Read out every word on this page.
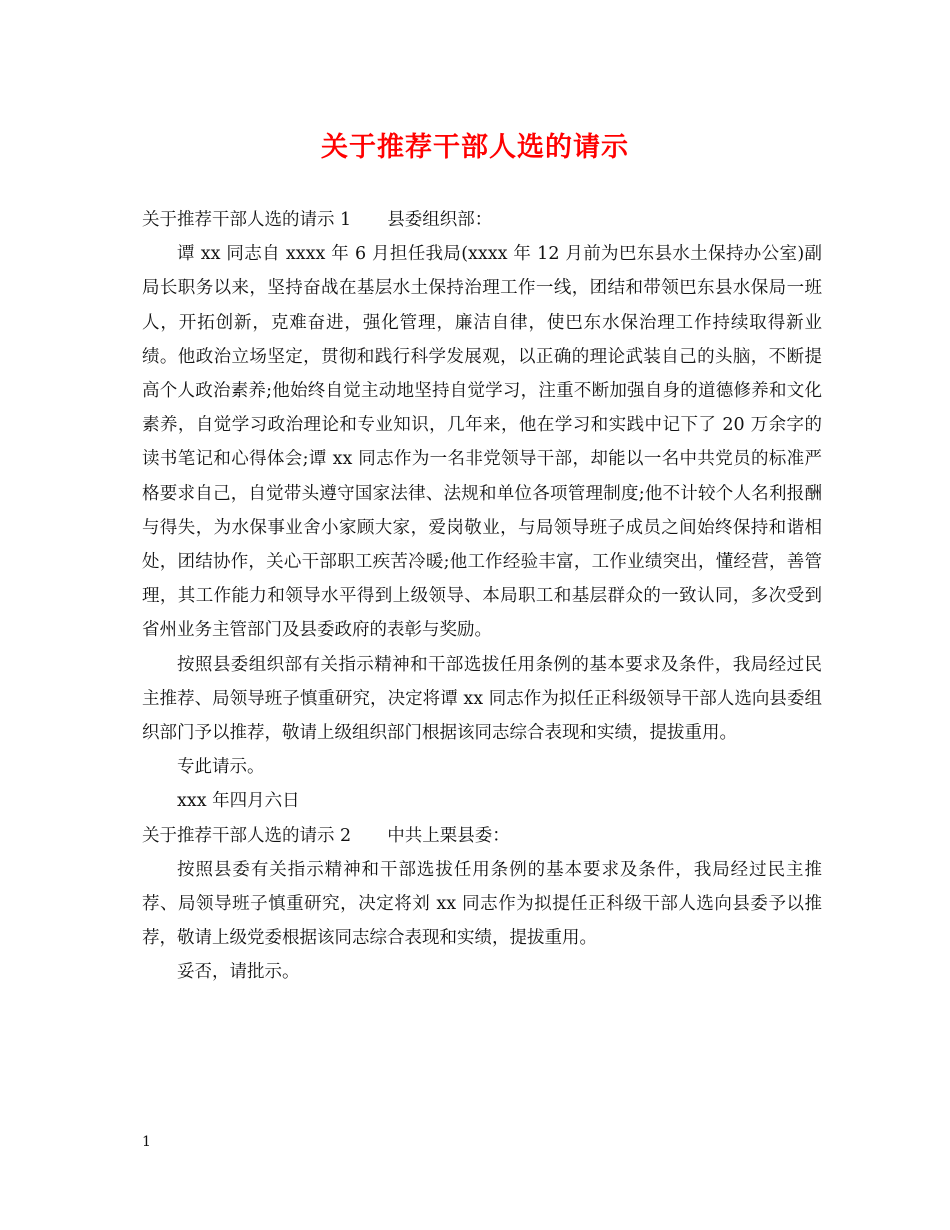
关于推荐干部人选的请示

关于推荐干部人选的请示 1 县委组织部：

谭 xx 同志自 xxxx 年 6 月担任我局(xxxx 年 12 月前为巴东县水土保持办公室)副局长职务以来，坚持奋战在基层水土保持治理工作一线，团结和带领巴东县水保局一班人，开拓创新，克难奋进，强化管理，廉洁自律，使巴东水保治理工作持续取得新业绩。他政治立场坚定，贯彻和践行科学发展观，以正确的理论武装自己的头脑，不断提高个人政治素养;他始终自觉主动地坚持自觉学习，注重不断加强自身的道德修养和文化素养，自觉学习政治理论和专业知识，几年来，他在学习和实践中记下了 20 万余字的读书笔记和心得体会;谭 xx 同志作为一名非党领导干部，却能以一名中共党员的标准严格要求自己，自觉带头遵守国家法律、法规和单位各项管理制度;他不计较个人名利报酬与得失，为水保事业舍小家顾大家，爱岗敬业，与局领导班子成员之间始终保持和谐相处，团结协作，关心干部职工疾苦冷暖;他工作经验丰富，工作业绩突出，懂经营，善管理，其工作能力和领导水平得到上级领导、本局职工和基层群众的一致认同，多次受到省州业务主管部门及县委政府的表彰与奖励。

按照县委组织部有关指示精神和干部选拔任用条例的基本要求及条件，我局经过民主推荐、局领导班子慎重研究，决定将谭 xx 同志作为拟任正科级领导干部人选向县委组织部门予以推荐，敬请上级组织部门根据该同志综合表现和实绩，提拔重用。

专此请示。

xxx 年四月六日

关于推荐干部人选的请示 2 中共上栗县委：

按照县委有关指示精神和干部选拔任用条例的基本要求及条件，我局经过民主推荐、局领导班子慎重研究，决定将刘 xx 同志作为拟提任正科级干部人选向县委予以推荐，敬请上级党委根据该同志综合表现和实绩，提拔重用。

妥否，请批示。

1
